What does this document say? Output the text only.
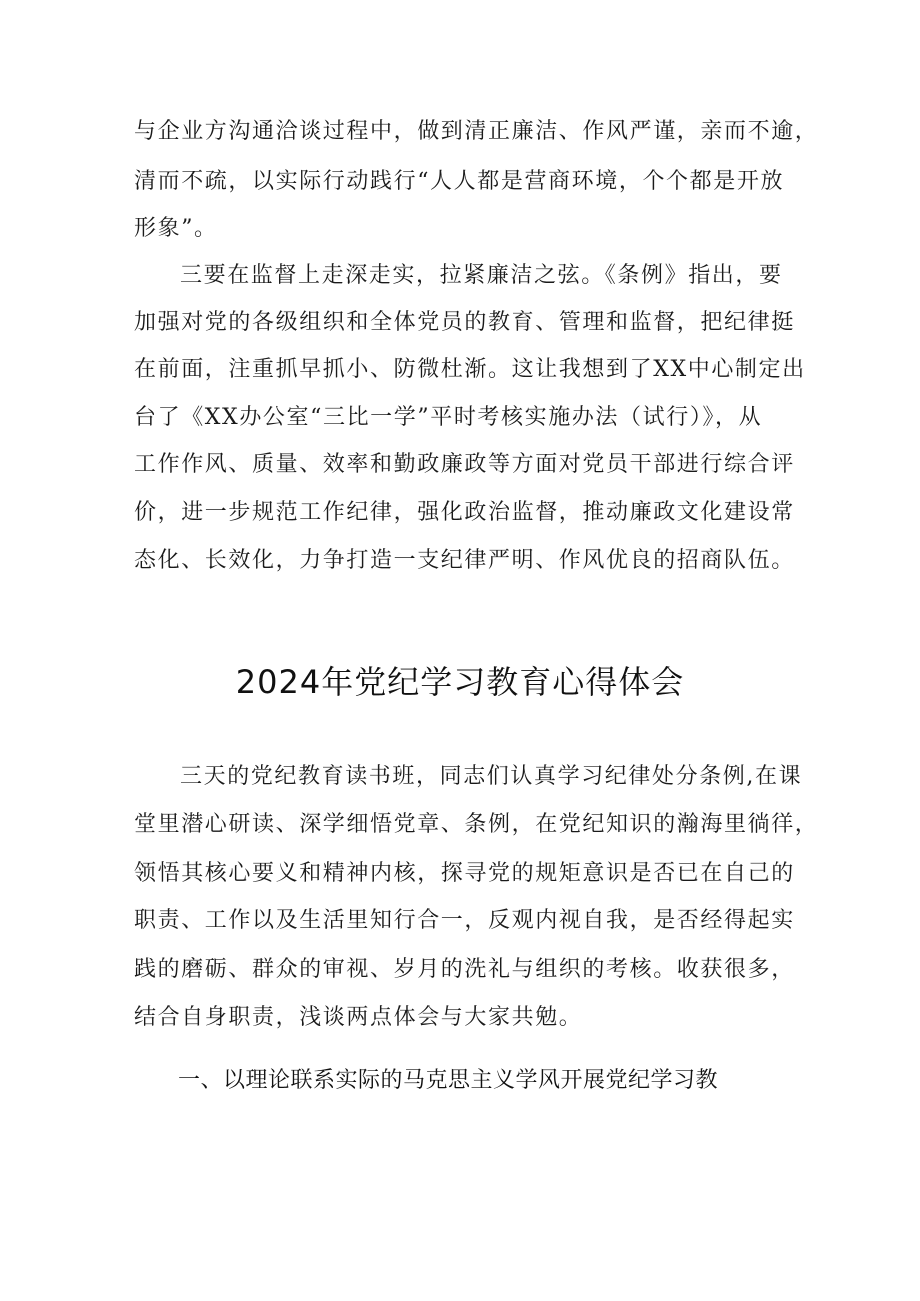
与企业方沟通洽谈过程中，做到清正廉洁、作风严谨，亲而不逾，
清而不疏，以实际行动践行“人人都是营商环境，个个都是开放
形象”。
三要在监督上走深走实，拉紧廉洁之弦。《条例》指出，要
加强对党的各级组织和全体党员的教育、管理和监督，把纪律挺
在前面，注重抓早抓小、防微杜渐。这让我想到了XX中心制定出
台了《XX办公室“三比一学”平时考核实施办法（试行）》，从
工作作风、质量、效率和勤政廉政等方面对党员干部进行综合评
价，进一步规范工作纪律，强化政治监督，推动廉政文化建设常
态化、长效化，力争打造一支纪律严明、作风优良的招商队伍。
2024年党纪学习教育心得体会
三天的党纪教育读书班，同志们认真学习纪律处分条例,在课
堂里潜心研读、深学细悟党章、条例，在党纪知识的瀚海里徜徉，
领悟其核心要义和精神内核，探寻党的规矩意识是否已在自己的
职责、工作以及生活里知行合一，反观内视自我，是否经得起实
践的磨砺、群众的审视、岁月的洗礼与组织的考核。收获很多，
结合自身职责，浅谈两点体会与大家共勉。
一、以理论联系实际的马克思主义学风开展党纪学习教
